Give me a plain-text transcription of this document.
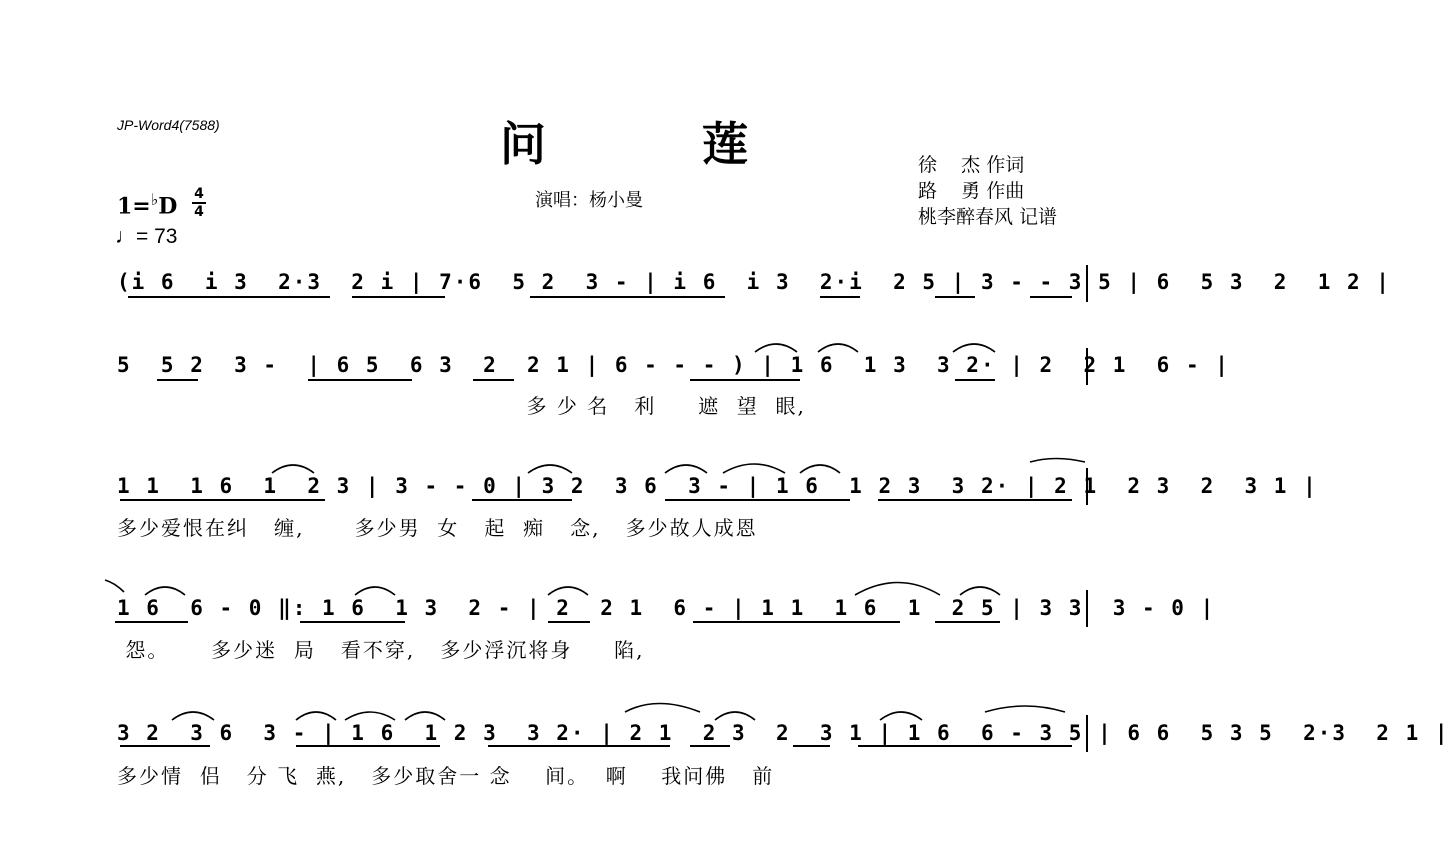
JP-Word4(7588)	问 莲
演唱：杨小曼
徐    杰 作词
路    勇 作曲
桃李醉春风 记谱
1=♭D 4
4
♩= 73
(i 6  i 3  2·3  2 i | 7·6  5 2  3 - | i 6  i 3  2·i  2 5 | 3 - - 3 5 | 6  5 3  2  1 2 |
5  5 2  3 -  | 6 5  6 3  2  2 1 | 6 - - - ) | 1 6  1 3  3 2· | 2  2 1  6 - |
多 少 名   利     遮  望  眼,
1 1  1 6  1  2 3 | 3 - - 0 | 3 2  3 6  3 - | 1 6  1 2 3  3 2· | 2 1  2 3  2  3 1 |
多少爱恨在纠   缠,      多少男  女   起  痴   念,   多少故人成恩
1 6  6 - 0 ‖: 1 6  1 3  2 - | 2  2 1  6 - | 1 1  1 6  1  2 5 | 3 3  3 - 0 |
怨。     多少迷  局   看不穿,   多少浮沉将身     陷,
3 2  3 6  3 - | 1 6  1 2 3  3 2· | 2 1  2 3  2  3 1 | 1 6  6 - 3 5 | 6 6  5 3 5  2·3  2 1 |
多少情  侣   分 飞  燕,   多少取舍一 念    间。  啊    我问佛   前
